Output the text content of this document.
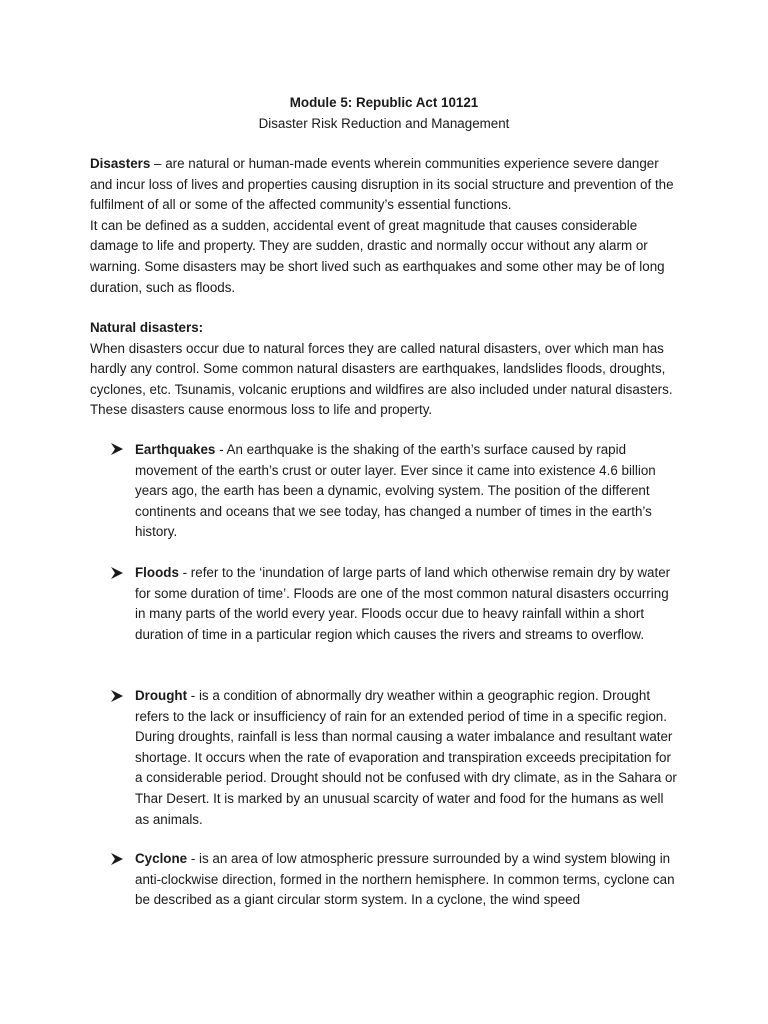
Module 5: Republic Act 10121
Disaster Risk Reduction and Management

Disasters – are natural or human-made events wherein communities experience severe danger and incur loss of lives and properties causing disruption in its social structure and prevention of the fulfilment of all or some of the affected community’s essential functions.

It can be defined as a sudden, accidental event of great magnitude that causes considerable damage to life and property. They are sudden, drastic and normally occur without any alarm or warning. Some disasters may be short lived such as earthquakes and some other may be of long duration, such as floods.

Natural disasters:

When disasters occur due to natural forces they are called natural disasters, over which man has hardly any control. Some common natural disasters are earthquakes, landslides floods, droughts, cyclones, etc. Tsunamis, volcanic eruptions and wildfires are also included under natural disasters. These disasters cause enormous loss to life and property.

Earthquakes - An earthquake is the shaking of the earth’s surface caused by rapid movement of the earth’s crust or outer layer. Ever since it came into existence 4.6 billion years ago, the earth has been a dynamic, evolving system. The position of the different continents and oceans that we see today, has changed a number of times in the earth’s history.
Floods - refer to the ‘inundation of large parts of land which otherwise remain dry by water for some duration of time’. Floods are one of the most common natural disasters occurring in many parts of the world every year. Floods occur due to heavy rainfall within a short duration of time in a particular region which causes the rivers and streams to overflow.
Drought - is a condition of abnormally dry weather within a geographic region. Drought refers to the lack or insufficiency of rain for an extended period of time in a specific region. During droughts, rainfall is less than normal causing a water imbalance and resultant water shortage. It occurs when the rate of evaporation and transpiration exceeds precipitation for a considerable period. Drought should not be confused with dry climate, as in the Sahara or Thar Desert. It is marked by an unusual scarcity of water and food for the humans as well as animals.
Cyclone - is an area of low atmospheric pressure surrounded by a wind system blowing in anti-clockwise direction, formed in the northern hemisphere. In common terms, cyclone can be described as a giant circular storm system. In a cyclone, the wind speed
